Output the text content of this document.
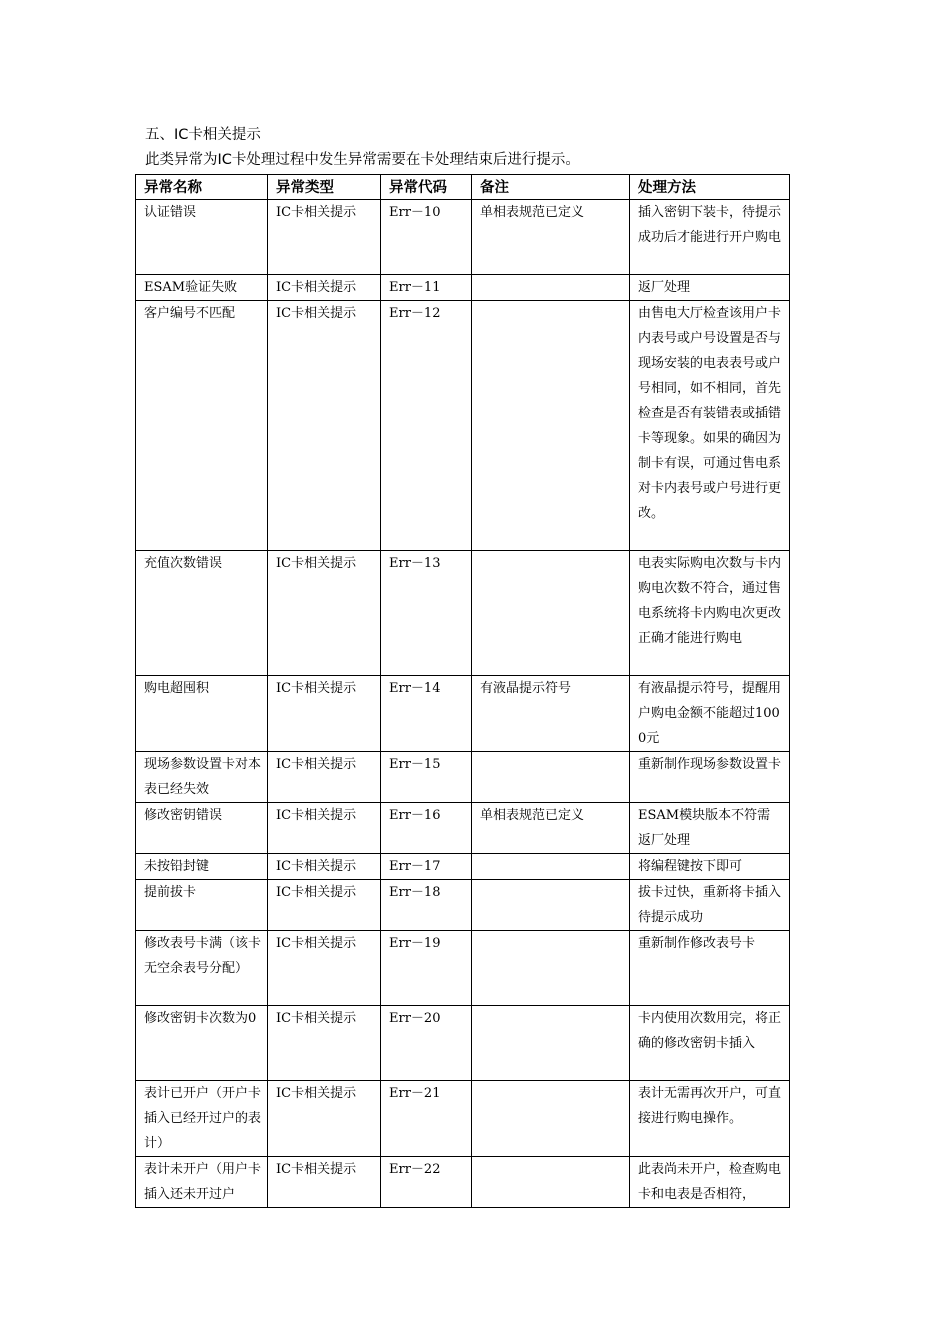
五、IC卡相关提示
此类异常为IC卡处理过程中发生异常需要在卡处理结束后进行提示。
异常名称	异常类型	异常代码	备注	处理方法
认证错误	IC卡相关提示	Err－10	单相表规范已定义	插入密钥下装卡，待提示成功后才能进行开户购电
ESAM验证失败	IC卡相关提示	Err－11		返厂处理
客户编号不匹配	IC卡相关提示	Err－12		由售电大厅检查该用户卡内表号或户号设置是否与现场安装的电表表号或户号相同，如不相同，首先检查是否有装错表或插错卡等现象。如果的确因为制卡有误，可通过售电系对卡内表号或户号进行更改。
充值次数错误	IC卡相关提示	Err－13		电表实际购电次数与卡内购电次数不符合，通过售电系统将卡内购电次更改正确才能进行购电
购电超囤积	IC卡相关提示	Err－14	有液晶提示符号	有液晶提示符号，提醒用户购电金额不能超过1000元
现场参数设置卡对本表已经失效	IC卡相关提示	Err－15		重新制作现场参数设置卡
修改密钥错误	IC卡相关提示	Err－16	单相表规范已定义	ESAM模块版本不符需返厂处理
未按铅封键	IC卡相关提示	Err－17		将编程键按下即可
提前拔卡	IC卡相关提示	Err－18		拔卡过快，重新将卡插入待提示成功
修改表号卡满（该卡无空余表号分配）	IC卡相关提示	Err－19		重新制作修改表号卡
修改密钥卡次数为0	IC卡相关提示	Err－20		卡内使用次数用完，将正确的修改密钥卡插入
表计已开户（开户卡插入已经开过户的表计）	IC卡相关提示	Err－21		表计无需再次开户，可直接进行购电操作。
表计未开户（用户卡插入还未开过户	IC卡相关提示	Err－22		此表尚未开户，检查购电卡和电表是否相符，
